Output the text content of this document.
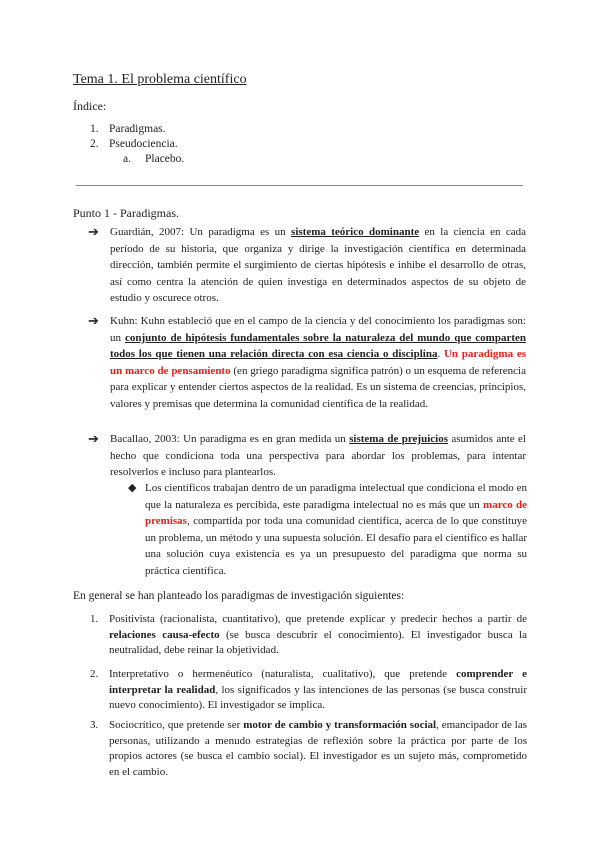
Tema 1. El problema científico
Índice:
1. Paradigmas.
2. Pseudociencia.
a.	Placebo.
Punto 1 - Paradigmas.
➔ Guardián, 2007: Un paradigma es un sistema teórico dominante en la ciencia en cada período de su historia, que organiza y dirige la investigación científica en determinada dirección, también permite el surgimiento de ciertas hipótesis e inhibe el desarrollo de otras, así como centra la atención de quien investiga en determinados aspectos de su objeto de estudio y oscurece otros.
➔ Kuhn: Kuhn estableció que en el campo de la ciencia y del conocimiento los paradigmas son: un conjunto de hipótesis fundamentales sobre la naturaleza del mundo que comparten todos los que tienen una relación directa con esa ciencia o disciplina. Un paradigma es un marco de pensamiento (en griego paradigma significa patrón) o un esquema de referencia para explicar y entender ciertos aspectos de la realidad. Es un sistema de creencias, principios, valores y premisas que determina la comunidad científica de la realidad.
➔ Bacallao, 2003: Un paradigma es en gran medida un sistema de prejuicios asumidos ante el hecho que condiciona toda una perspectiva para abordar los problemas, para intentar resolverlos e incluso para plantearlos.
◆ Los científicos trabajan dentro de un paradigma intelectual que condiciona el modo en que la naturaleza es percibida, este paradigma intelectual no es más que un marco de premisas, compartida por toda una comunidad científica, acerca de lo que constituye un problema, un método y una supuesta solución. El desafío para el científico es hallar una solución cuya existencia es ya un presupuesto del paradigma que norma su práctica científica.
En general se han planteado los paradigmas de investigación siguientes:
1. Positivista (racionalista, cuantitativo), que pretende explicar y predecir hechos a partir de relaciones causa-efecto (se busca descubrir el conocimiento). El investigador busca la neutralidad, debe reinar la objetividad.
2. Interpretativo o hermenéutico (naturalista, cualitativo), que pretende comprender e interpretar la realidad, los significados y las intenciones de las personas (se busca construir nuevo conocimiento). El investigador se implica.
3. Sociocrítico, que pretende ser motor de cambio y transformación social, emancipador de las personas, utilizando a menudo estrategias de reflexión sobre la práctica por parte de los propios actores (se busca el cambio social). El investigador es un sujeto más, comprometido en el cambio.
